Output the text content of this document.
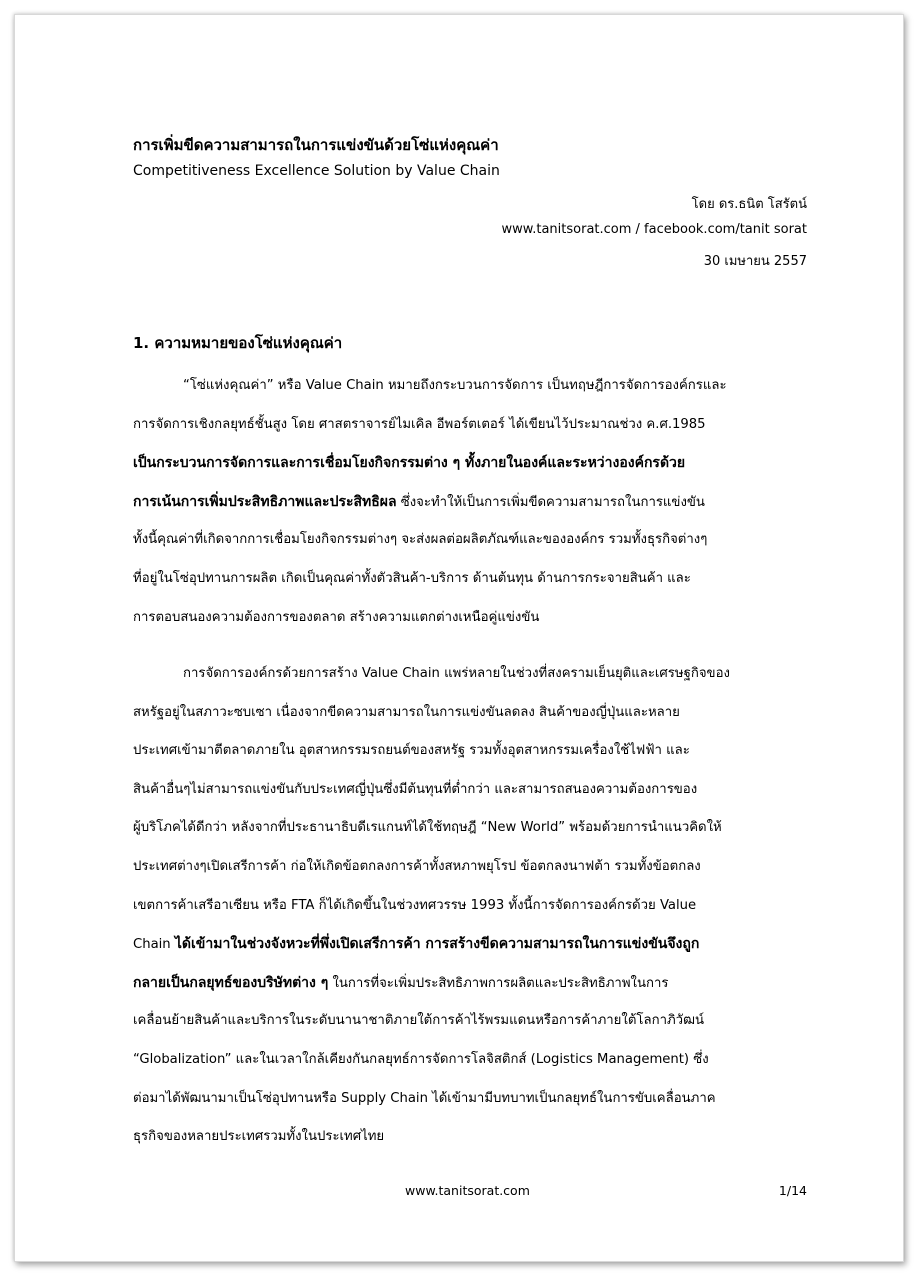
การเพิ่มขีดความสามารถในการแข่งขันด้วยโซ่แห่งคุณค่า
Competitiveness Excellence Solution by Value Chain
โดย ดร.ธนิต โสรัตน์
www.tanitsorat.com / facebook.com/tanit sorat
30 เมษายน 2557
1. ความหมายของโซ่แห่งคุณค่า
“โซ่แห่งคุณค่า” หรือ Value Chain หมายถึงกระบวนการจัดการ เป็นทฤษฎีการจัดการองค์กรและ
การจัดการเชิงกลยุทธ์ชั้นสูง โดย ศาสตราจารย์ไมเคิล อีพอร์ตเตอร์ ได้เขียนไว้ประมาณช่วง ค.ศ.1985
เป็นกระบวนการจัดการและการเชื่อมโยงกิจกรรมต่าง ๆ ทั้งภายในองค์และระหว่างองค์กรด้วย
การเน้นการเพิ่มประสิทธิภาพและประสิทธิผล ซึ่งจะทำให้เป็นการเพิ่มขีดความสามารถในการแข่งขัน
ทั้งนี้คุณค่าที่เกิดจากการเชื่อมโยงกิจกรรมต่างๆ จะส่งผลต่อผลิตภัณฑ์และขององค์กร รวมทั้งธุรกิจต่างๆ
ที่อยู่ในโซ่อุปทานการผลิต เกิดเป็นคุณค่าทั้งตัวสินค้า-บริการ ด้านต้นทุน ด้านการกระจายสินค้า และ
การตอบสนองความต้องการของตลาด สร้างความแตกต่างเหนือคู่แข่งขัน
การจัดการองค์กรด้วยการสร้าง Value Chain แพร่หลายในช่วงที่สงครามเย็นยุติและเศรษฐกิจของ
สหรัฐอยู่ในสภาวะซบเซา เนื่องจากขีดความสามารถในการแข่งขันลดลง สินค้าของญี่ปุ่นและหลาย
ประเทศเข้ามาตีตลาดภายใน อุตสาหกรรมรถยนต์ของสหรัฐ รวมทั้งอุตสาหกรรมเครื่องใช้ไฟฟ้า และ
สินค้าอื่นๆไม่สามารถแข่งขันกับประเทศญี่ปุ่นซึ่งมีต้นทุนที่ต่ำกว่า และสามารถสนองความต้องการของ
ผู้บริโภคได้ดีกว่า หลังจากที่ประธานาธิบดีเรแกนท์ได้ใช้ทฤษฎี “New World” พร้อมด้วยการนำแนวคิดให้
ประเทศต่างๆเปิดเสรีการค้า ก่อให้เกิดข้อตกลงการค้าทั้งสหภาพยุโรป ข้อตกลงนาฟต้า รวมทั้งข้อตกลง
เขตการค้าเสรีอาเซียน หรือ FTA ก็ได้เกิดขึ้นในช่วงทศวรรษ 1993 ทั้งนี้การจัดการองค์กรด้วย Value
Chain ได้เข้ามาในช่วงจังหวะที่พึ่งเปิดเสรีการค้า การสร้างขีดความสามารถในการแข่งขันจึงถูก
กลายเป็นกลยุทธ์ของบริษัทต่าง ๆ ในการที่จะเพิ่มประสิทธิภาพการผลิตและประสิทธิภาพในการ
เคลื่อนย้ายสินค้าและบริการในระดับนานาชาติภายใต้การค้าไร้พรมแดนหรือการค้าภายใต้โลกาภิวัฒน์
“Globalization” และในเวลาใกล้เคียงกันกลยุทธ์การจัดการโลจิสติกส์ (Logistics Management) ซึ่ง
ต่อมาได้พัฒนามาเป็นโซ่อุปทานหรือ Supply Chain ได้เข้ามามีบทบาทเป็นกลยุทธ์ในการขับเคลื่อนภาค
ธุรกิจของหลายประเทศรวมทั้งในประเทศไทย
www.tanitsorat.com	1/14
